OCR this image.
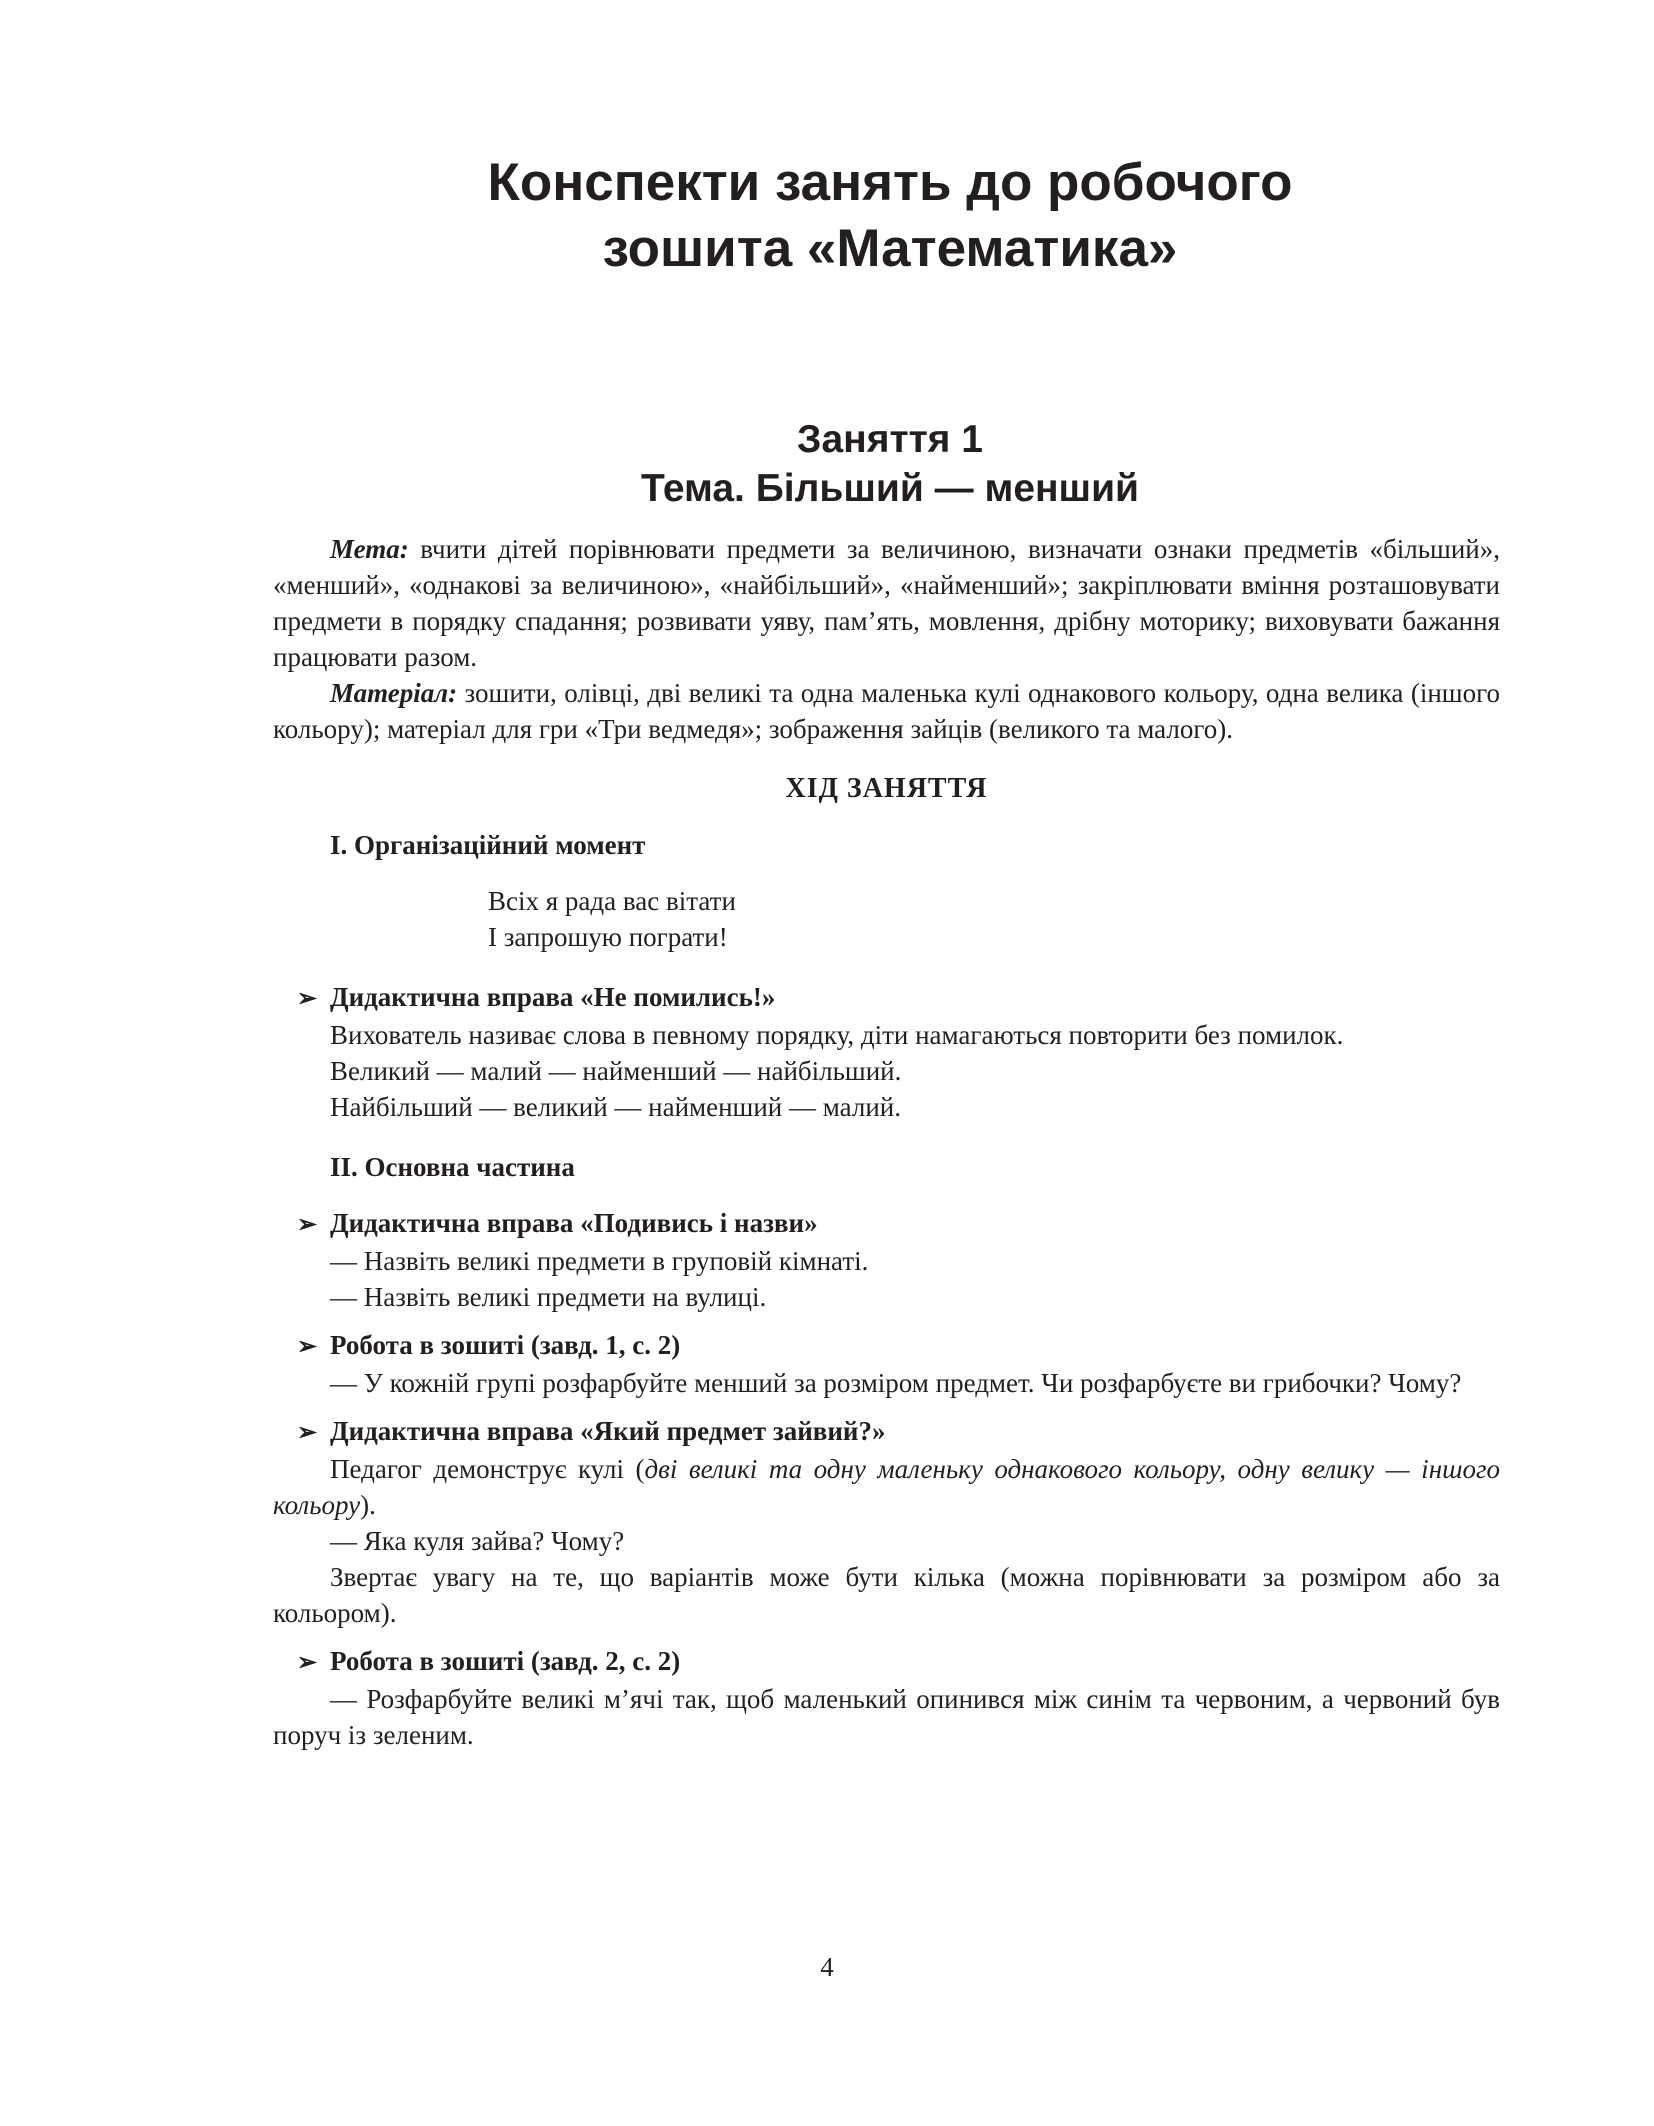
Конспекти занять до робочого
зошита «Математика»
Заняття 1
Тема. Більший — менший

Мета: вчити дітей порівнювати предмети за величиною, визначати ознаки предметів «більший», «менший», «однакові за величиною», «найбільший», «найменший»; закріплювати вміння розташовувати предмети в порядку спадання; розвивати уяву, пам’ять, мовлення, дрібну моторику; виховувати бажання працювати разом.

Матеріал: зошити, олівці, дві великі та одна маленька кулі однакового кольору, одна велика (іншого кольору); матеріал для гри «Три ведмедя»; зображення зайців (великого та малого).

ХІД ЗАНЯТТЯ

І. Організаційний момент

Всіх я рада вас вітати

І запрошую пограти!

➢ Дидактична вправа «Не помились!»

Вихователь називає слова в певному порядку, діти намагаються повторити без помилок.

Великий — малий — найменший — найбільший.

Найбільший — великий — найменший — малий.

ІІ. Основна частина

➢ Дидактична вправа «Подивись і назви»

— Назвіть великі предмети в груповій кімнаті.

— Назвіть великі предмети на вулиці.

➢ Робота в зошиті (завд. 1, с. 2)

— У кожній групі розфарбуйте менший за розміром предмет. Чи розфарбуєте ви грибочки? Чому?

➢ Дидактична вправа «Який предмет зайвий?»

Педагог демонструє кулі (дві великі та одну маленьку однакового кольору, одну велику — іншого кольору).

— Яка куля зайва? Чому?

Звертає увагу на те, що варіантів може бути кілька (можна порівнювати за розміром або за кольором).

➢ Робота в зошиті (завд. 2, с. 2)

— Розфарбуйте великі м’ячі так, щоб маленький опинився між синім та червоним, а червоний був поруч із зеленим.

4
